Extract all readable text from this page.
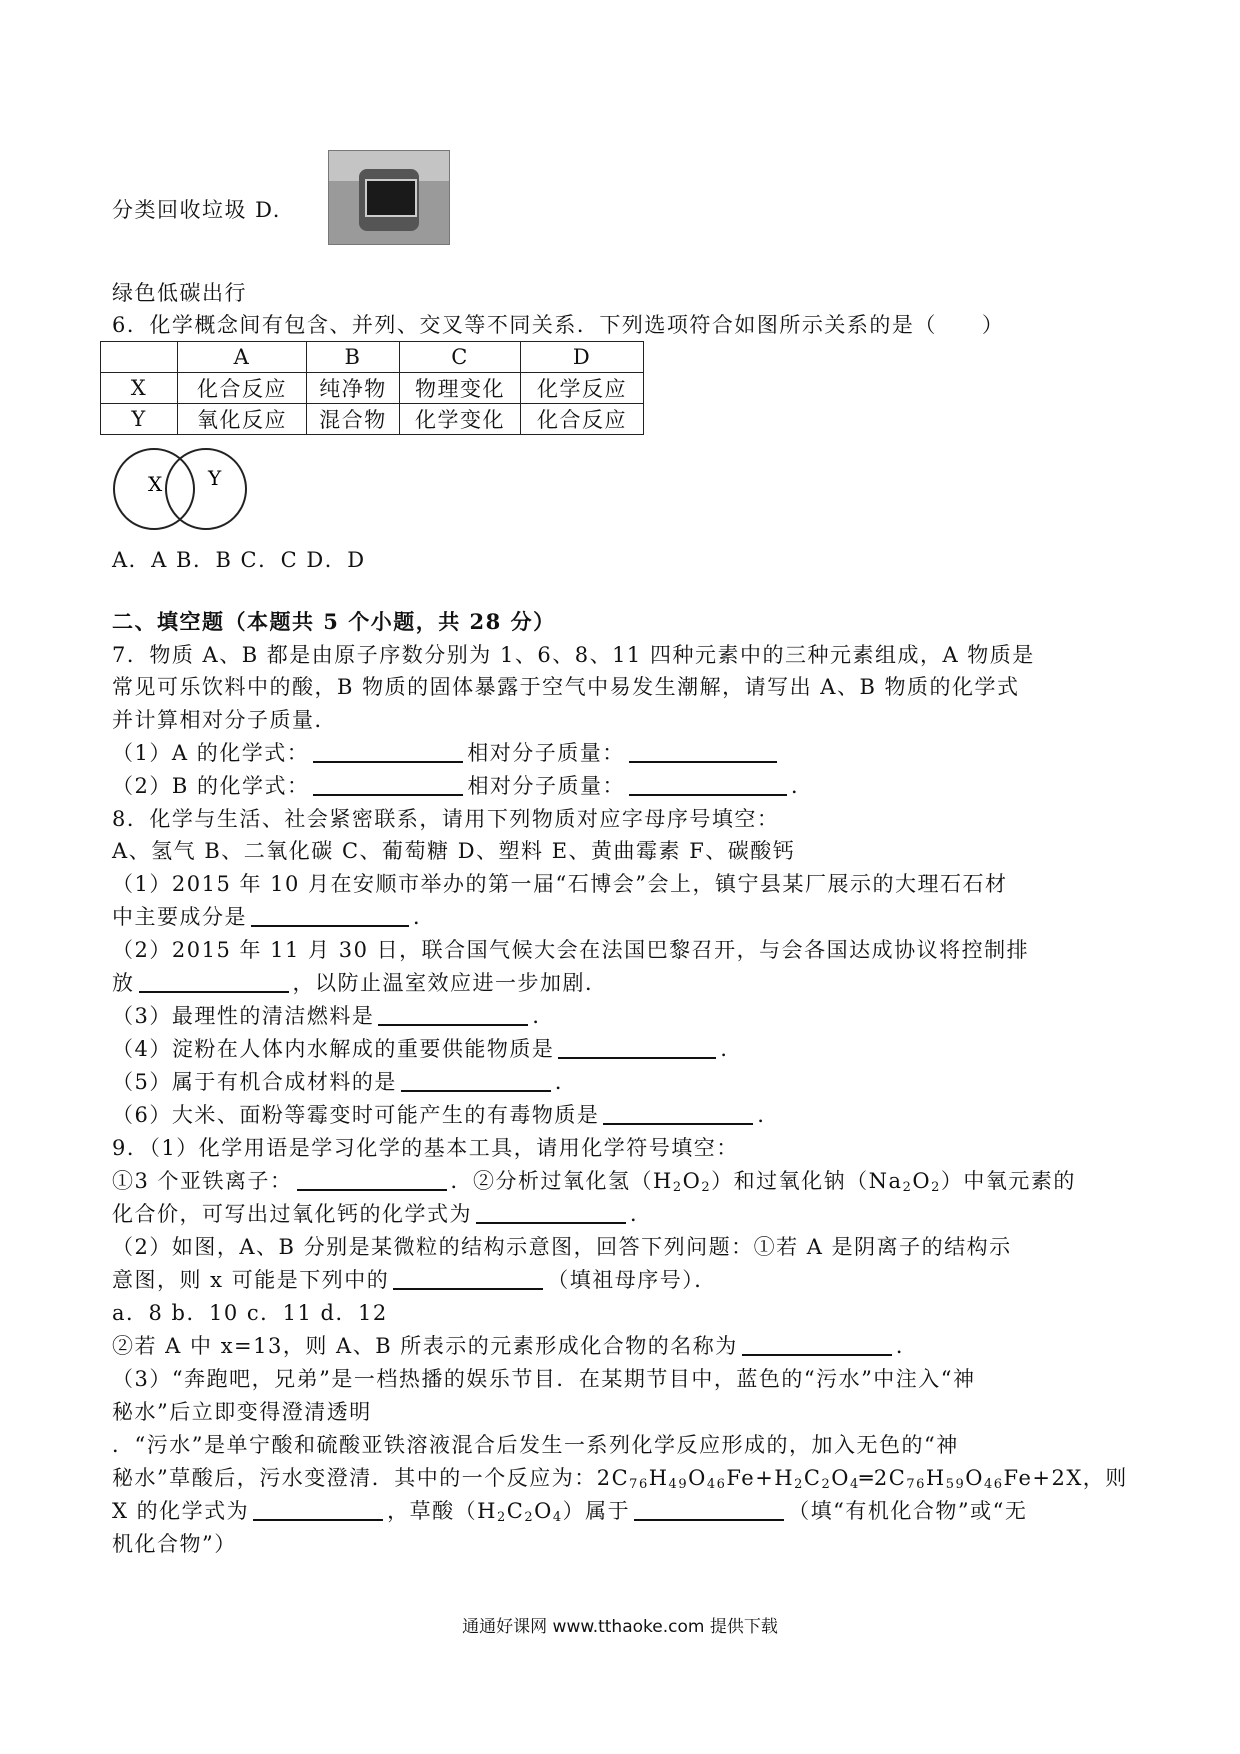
分类回收垃圾 D.
绿色低碳出行
6．化学概念间有包含、并列、交叉等不同关系．下列选项符合如图所示关系的是（　　）
	A	B	C	D
X	化合反应	纯净物	物理变化	化学反应
Y	氧化反应	混合物	化学变化	化合反应
X Y
A．A B．B C．C D．D
二、填空题（本题共 5 个小题，共 28 分）
7．物质 A、B 都是由原子序数分别为 1、6、8、11 四种元素中的三种元素组成，A 物质是
常见可乐饮料中的酸，B 物质的固体暴露于空气中易发生潮解，请写出 A、B 物质的化学式
并计算相对分子质量．
（1）A 的化学式：	相对分子质量：
（2）B 的化学式：	相对分子质量：	．
8．化学与生活、社会紧密联系，请用下列物质对应字母序号填空：
A、氢气 B、二氧化碳 C、葡萄糖 D、塑料 E、黄曲霉素 F、碳酸钙
（1）2015 年 10 月在安顺市举办的第一届“石博会”会上，镇宁县某厂展示的大理石石材
中主要成分是	．
（2）2015 年 11 月 30 日，联合国气候大会在法国巴黎召开，与会各国达成协议将控制排
放	，以防止温室效应进一步加剧．
（3）最理性的清洁燃料是	．
（4）淀粉在人体内水解成的重要供能物质是	．
（5）属于有机合成材料的是	．
（6）大米、面粉等霉变时可能产生的有毒物质是	．
9．（1）化学用语是学习化学的基本工具，请用化学符号填空：
①3 个亚铁离子：	．②分析过氧化氢$(H_2O_2)$和过氧化钠$(Na_2O_2)$中氧元素的
化合价，可写出过氧化钙的化学式为	．
（2）如图，A、B 分别是某微粒的结构示意图，回答下列问题：①若 A 是阴离子的结构示
意图，则 x 可能是下列中的	（填祖母序号）．
a．8 b．10 c．11 d．12
②若 A 中 x=13，则 A、B 所表示的元素形成化合物的名称为	．
（3）“奔跑吧，兄弟”是一档热播的娱乐节目．在某期节目中，蓝色的“污水”中注入“神
秘水”后立即变得澄清透明
．“污水”是单宁酸和硫酸亚铁溶液混合后发生一系列化学反应形成的，加入无色的“神
秘水”草酸后，污水变澄清．其中的一个反应为：$2C_{76}H_{49}O_{46}Fe+H_2C_2O_4═2C_{76}H_{59}O_{46}Fe+2X$，则
X 的化学式为	，草酸$(H_2C_2O_4)$属于	（填“有机化合物”或“无
机化合物”）
通通好课网 www.tthaoke.com 提供下载
